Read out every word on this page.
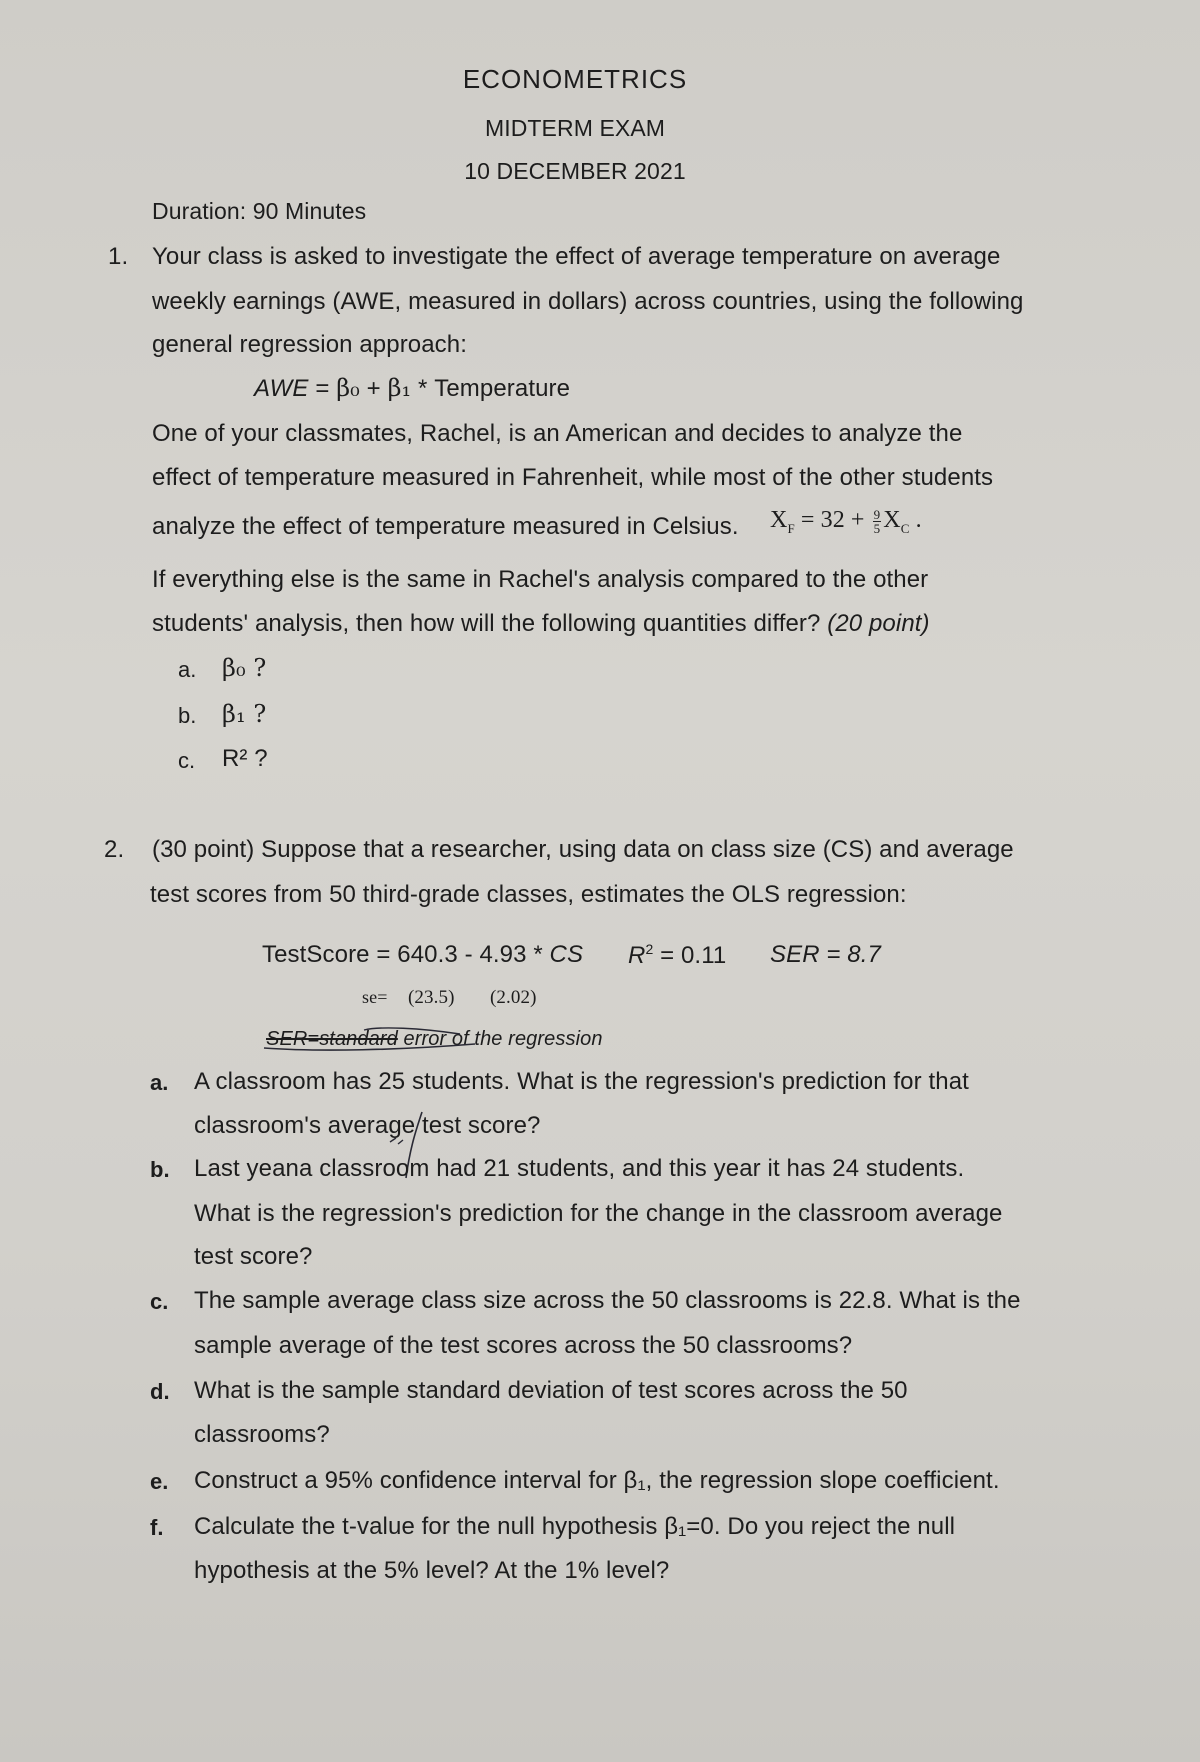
ECONOMETRICS
MIDTERM EXAM
10 DECEMBER 2021
Duration: 90 Minutes
1. Your class is asked to investigate the effect of average temperature on average
weekly earnings (AWE, measured in dollars) across countries, using the following
general regression approach:
AWE = β₀ + β₁ * Temperature
One of your classmates, Rachel, is an American and decides to analyze the
effect of temperature measured in Fahrenheit, while most of the other students
analyze the effect of temperature measured in Celsius. $X_F = 32 + \frac{9}{5} X_C$ .
If everything else is the same in Rachel's analysis compared to the other
students' analysis, then how will the following quantities differ? (20 point)
a. β₀ ?
b. β₁ ?
c. R² ?
2. (30 point) Suppose that a researcher, using data on class size (CS) and average
test scores from 50 third-grade classes, estimates the OLS regression:
TestScore = 640.3 - 4.93 * CS $R^2 = 0.11$ SER = 8.7
se= (23.5) (2.02)
SER=standard error of the regression
a. A classroom has 25 students. What is the regression's prediction for that
classroom's average test score?
b. Last yeana classroom had 21 students, and this year it has 24 students.
What is the regression's prediction for the change in the classroom average
test score?
c. The sample average class size across the 50 classrooms is 22.8. What is the
sample average of the test scores across the 50 classrooms?
d. What is the sample standard deviation of test scores across the 50
classrooms?
e. Construct a 95% confidence interval for β₁, the regression slope coefficient.
f. Calculate the t-value for the null hypothesis β₁=0. Do you reject the null
hypothesis at the 5% level? At the 1% level?
